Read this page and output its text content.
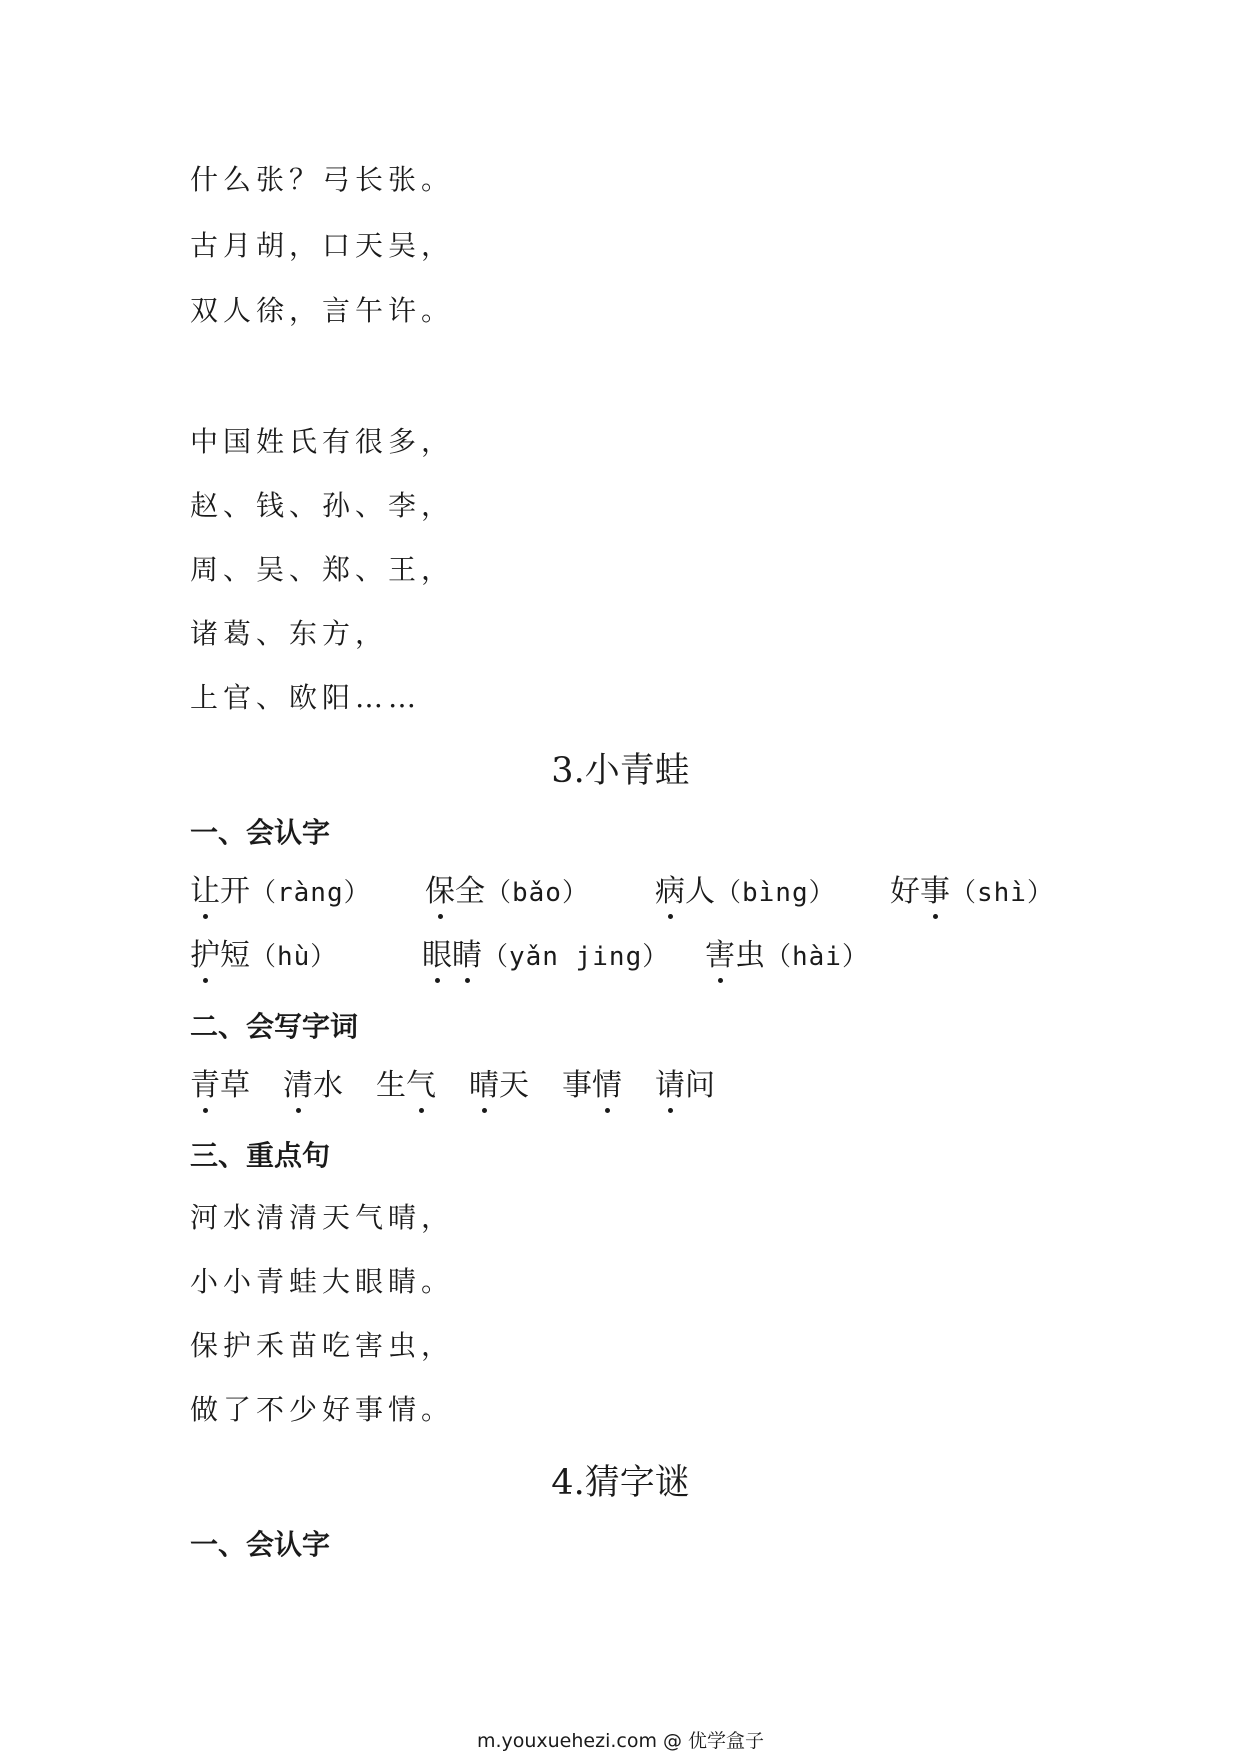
什么张？弓长张。
古月胡，口天吴，
双人徐，言午许。
中国姓氏有很多，
赵、钱、孙、李，
周、吴、郑、王，
诸葛、东方，
上官、欧阳……
3.小青蛙
一、会认字
让开（ràng） 保全（bǎo） 病人（bìng） 好事（shì）
护短（hù）	眼睛（yǎn jing） 害虫（hài）
二、会写字词
青草 清水 生气 晴天 事情 请问
三、重点句
河水清清天气晴，
小小青蛙大眼睛。
保护禾苗吃害虫，
做了不少好事情。
4.猜字谜
一、会认字
m.youxuehezi.com @ 优学盒子
